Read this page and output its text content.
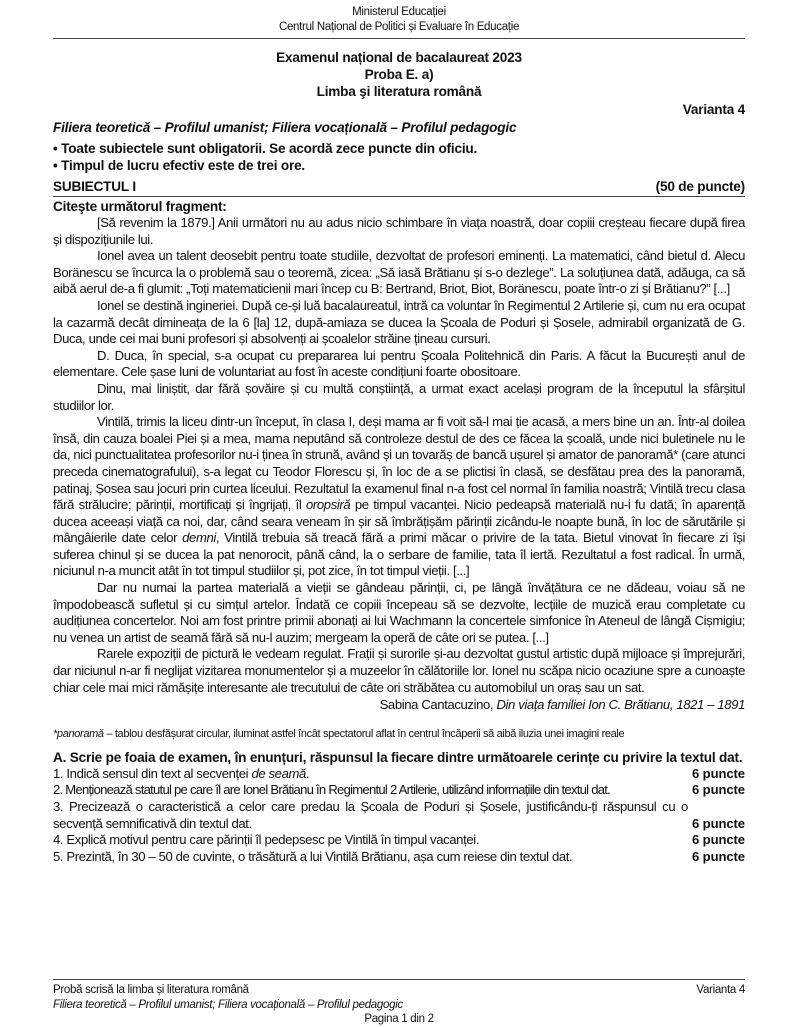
Ministerul Educației
Centrul Național de Politici și Evaluare în Educație
Examenul național de bacalaureat 2023
Proba E. a)
Limba şi literatura română
Varianta 4
Filiera teoretică – Profilul umanist; Filiera vocațională – Profilul pedagogic
• Toate subiectele sunt obligatorii. Se acordă zece puncte din oficiu.
• Timpul de lucru efectiv este de trei ore.
SUBIECTUL I	(50 de puncte)
Citeşte următorul fragment:

[Să revenim la 1879.] Anii următori nu au adus nicio schimbare în viața noastră, doar copiii creșteau fiecare după firea și dispozițiunile lui.

Ionel avea un talent deosebit pentru toate studiile, dezvoltat de profesori eminenți. La matematici, când bietul d. Alecu Boränescu se încurca la o problemă sau o teoremă, zicea: „Să iasă Brătianu și s-o dezlege”. La soluțiunea dată, adăuga, ca să aibă aerul de-a fi glumit: „Toți matematicienii mari încep cu B: Bertrand, Briot, Biot, Boränescu, poate într-o zi și Brătianu?” [...]

Ionel se destină ingineriei. După ce-și luă bacalaureatul, intră ca voluntar în Regimentul 2 Artilerie și, cum nu era ocupat la cazarmă decât dimineața de la 6 [la] 12, după-amiaza se ducea la Școala de Poduri și Șosele, admirabil organizată de G. Duca, unde cei mai buni profesori și absolvenți ai școalelor străine țineau cursuri.

D. Duca, în special, s-a ocupat cu prepararea lui pentru Școala Politehnică din Paris. A făcut la București anul de elementare. Cele șase luni de voluntariat au fost în aceste condițiuni foarte obositoare.

Dinu, mai liniștit, dar fără șovăire și cu multă conștiință, a urmat exact același program de la începutul la sfârșitul studiilor lor.

Vintilă, trimis la liceu dintr-un început, în clasa I, deși mama ar fi voit să-l mai ție acasă, a mers bine un an. Într-al doilea însă, din cauza boalei Piei și a mea, mama neputând să controleze destul de des ce făcea la școală, unde nici buletinele nu le da, nici punctualitatea profesorilor nu-i ținea în strună, având și un tovarăș de bancă ușurel și amator de panoramă* (care atunci preceda cinematografului), s-a legat cu Teodor Florescu și, în loc de a se plictisi în clasă, se desfătau prea des la panoramă, patinaj, Șosea sau jocuri prin curtea liceului. Rezultatul la examenul final n-a fost cel normal în familia noastră; Vintilă trecu clasa fără strălucire; părinții, mortificați și îngrijați, îl oropsiră pe timpul vacanței. Nicio pedeapsă materială nu-i fu dată; în aparență ducea aceeași viață ca noi, dar, când seara veneam în șir să îmbrățișăm părinții zicându-le noapte bună, în loc de sărutările și mângâierile date celor demni, Vintilă trebuia să treacă fără a primi măcar o privire de la tata. Bietul vinovat în fiecare zi își suferea chinul și se ducea la pat nenorocit, până când, la o serbare de familie, tata îl iertă. Rezultatul a fost radical. În urmă, niciunul n-a muncit atât în tot timpul studiilor și, pot zice, în tot timpul vieții. [...]

Dar nu numai la partea materială a vieții se gândeau părinții, ci, pe lângă învățătura ce ne dădeau, voiau să ne împodobească sufletul și cu simțul artelor. Îndată ce copiii începeau să se dezvolte, lecțiile de muzică erau completate cu audițiunea concertelor. Noi am fost printre primii abonați ai lui Wachmann la concertele simfonice în Ateneul de lângă Cișmigiu; nu venea un artist de seamă fără să nu-l auzim; mergeam la operă de câte ori se putea. [...]

Rarele expoziții de pictură le vedeam regulat. Frații și surorile și-au dezvoltat gustul artistic după mijloace și împrejurări, dar niciunul n-ar fi neglijat vizitarea monumentelor și a muzeelor în călătoriile lor. Ionel nu scăpa nicio ocaziune spre a cunoaște chiar cele mai mici rămășițe interesante ale trecutului de câte ori străbătea cu automobilul un oraș sau un sat.

Sabina Cantacuzino, Din viața familiei Ion C. Brătianu, 1821 – 1891
*panoramă – tablou desfășurat circular, iluminat astfel încât spectatorul aflat în centrul încăperii să aibă iluzia unei imagini reale
A. Scrie pe foaia de examen, în enunțuri, răspunsul la fiecare dintre următoarele cerințe cu privire la textul dat.
1. Indică sensul din text al secvenței de seamă.	6 puncte
2. Menționează statutul pe care îl are Ionel Brătianu în Regimentul 2 Artilerie, utilizând informațiile din textul dat.	6 puncte
3. Precizează o caracteristică a celor care predau la Școala de Poduri și Șosele, justificându-ți răspunsul cu o secvență semnificativă din textul dat.	6 puncte
4. Explică motivul pentru care părinții îl pedepsesc pe Vintilă în timpul vacanței.	6 puncte
5. Prezintă, în 30 – 50 de cuvinte, o trăsătură a lui Vintilă Brătianu, așa cum reiese din textul dat.	6 puncte
Probă scrisă la limba și literatura română	Varianta 4
Filiera teoretică – Profilul umanist; Filiera vocațională – Profilul pedagogic
Pagina 1 din 2
